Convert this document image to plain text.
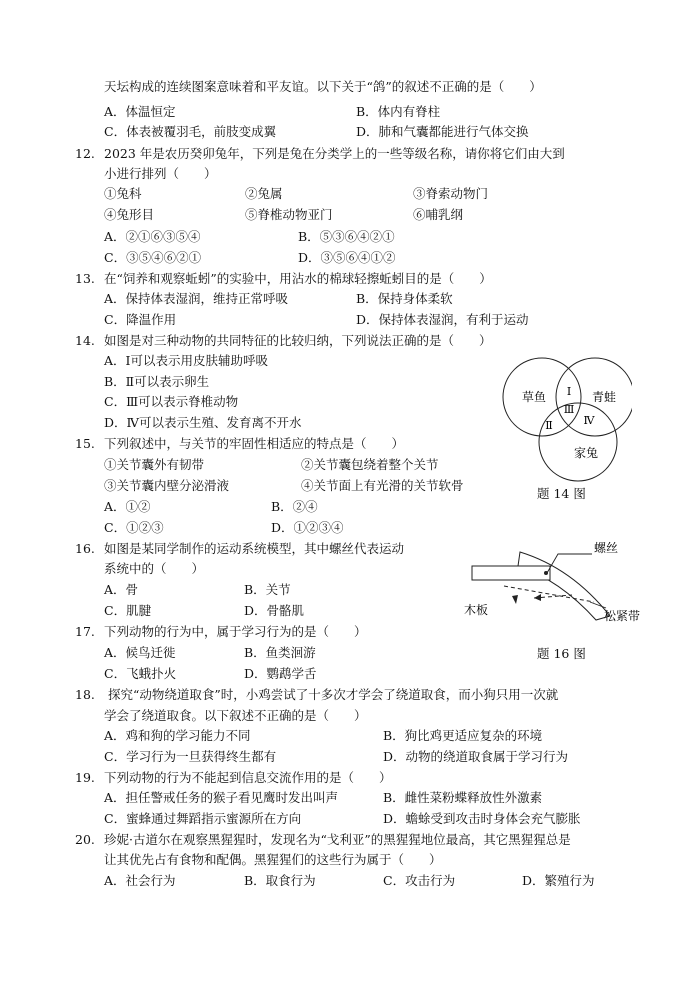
天坛构成的连续图案意味着和平友谊。以下关于“鸽”的叙述不正确的是（　　）
A．体温恒定	B．体内有脊柱
C．体表被覆羽毛，前肢变成翼	D．肺和气囊都能进行气体交换
12. 2023 年是农历癸卯兔年，下列是兔在分类学上的一些等级名称，请你将它们由大到
小进行排列（　　）
①兔科	②兔属	③脊索动物门
④兔形目	⑤脊椎动物亚门	⑥哺乳纲
A．②①⑥③⑤④	B．⑤③⑥④②①
C．③⑤④⑥②①	D．③⑤⑥④①②
13. 在“饲养和观察蚯蚓”的实验中，用沾水的棉球轻擦蚯蚓目的是（　　）
A．保持体表湿润，维持正常呼吸	B．保持身体柔软
C．降温作用	D．保持体表湿润，有利于运动
14. 如图是对三种动物的共同特征的比较归纳，下列说法正确的是（　　）
A．Ⅰ可以表示用皮肤辅助呼吸
B．Ⅱ可以表示卵生
C．Ⅲ可以表示脊椎动物
D．Ⅳ可以表示生殖、发育离不开水
草鱼	青蛙
家兔
Ⅰ
Ⅱ
Ⅲ
Ⅳ
题 14 图
15. 下列叙述中，与关节的牢固性相适应的特点是（　　）
①关节囊外有韧带	②关节囊包绕着整个关节
③关节囊内壁分泌滑液	④关节面上有光滑的关节软骨
A．①②	B．②④
C．①②③	D．①②③④
16. 如图是某同学制作的运动系统模型，其中螺丝代表运动
系统中的（　　）
A．骨	B．关节
C．肌腱	D．骨骼肌
螺丝
木板	松紧带
题 16 图
17. 下列动物的行为中，属于学习行为的是（　　）
A．候鸟迁徙	B．鱼类洄游
C．飞蛾扑火	D．鹦鹉学舌
18. 探究“动物绕道取食”时，小鸡尝试了十多次才学会了绕道取食，而小狗只用一次就
学会了绕道取食。以下叙述不正确的是（　　）
A．鸡和狗的学习能力不同	B．狗比鸡更适应复杂的环境
C．学习行为一旦获得终生都有	D．动物的绕道取食属于学习行为
19. 下列动物的行为不能起到信息交流作用的是（　　）
A．担任警戒任务的猴子看见鹰时发出叫声	B．雌性菜粉蝶释放性外激素
C．蜜蜂通过舞蹈指示蜜源所在方向	D．蟾蜍受到攻击时身体会充气膨胀
20. 珍妮·古道尔在观察黑猩猩时，发现名为“戈利亚”的黑猩猩地位最高，其它黑猩猩总是
让其优先占有食物和配偶。黑猩猩们的这些行为属于（　　）
A．社会行为	B．取食行为	C．攻击行为	D．繁殖行为
